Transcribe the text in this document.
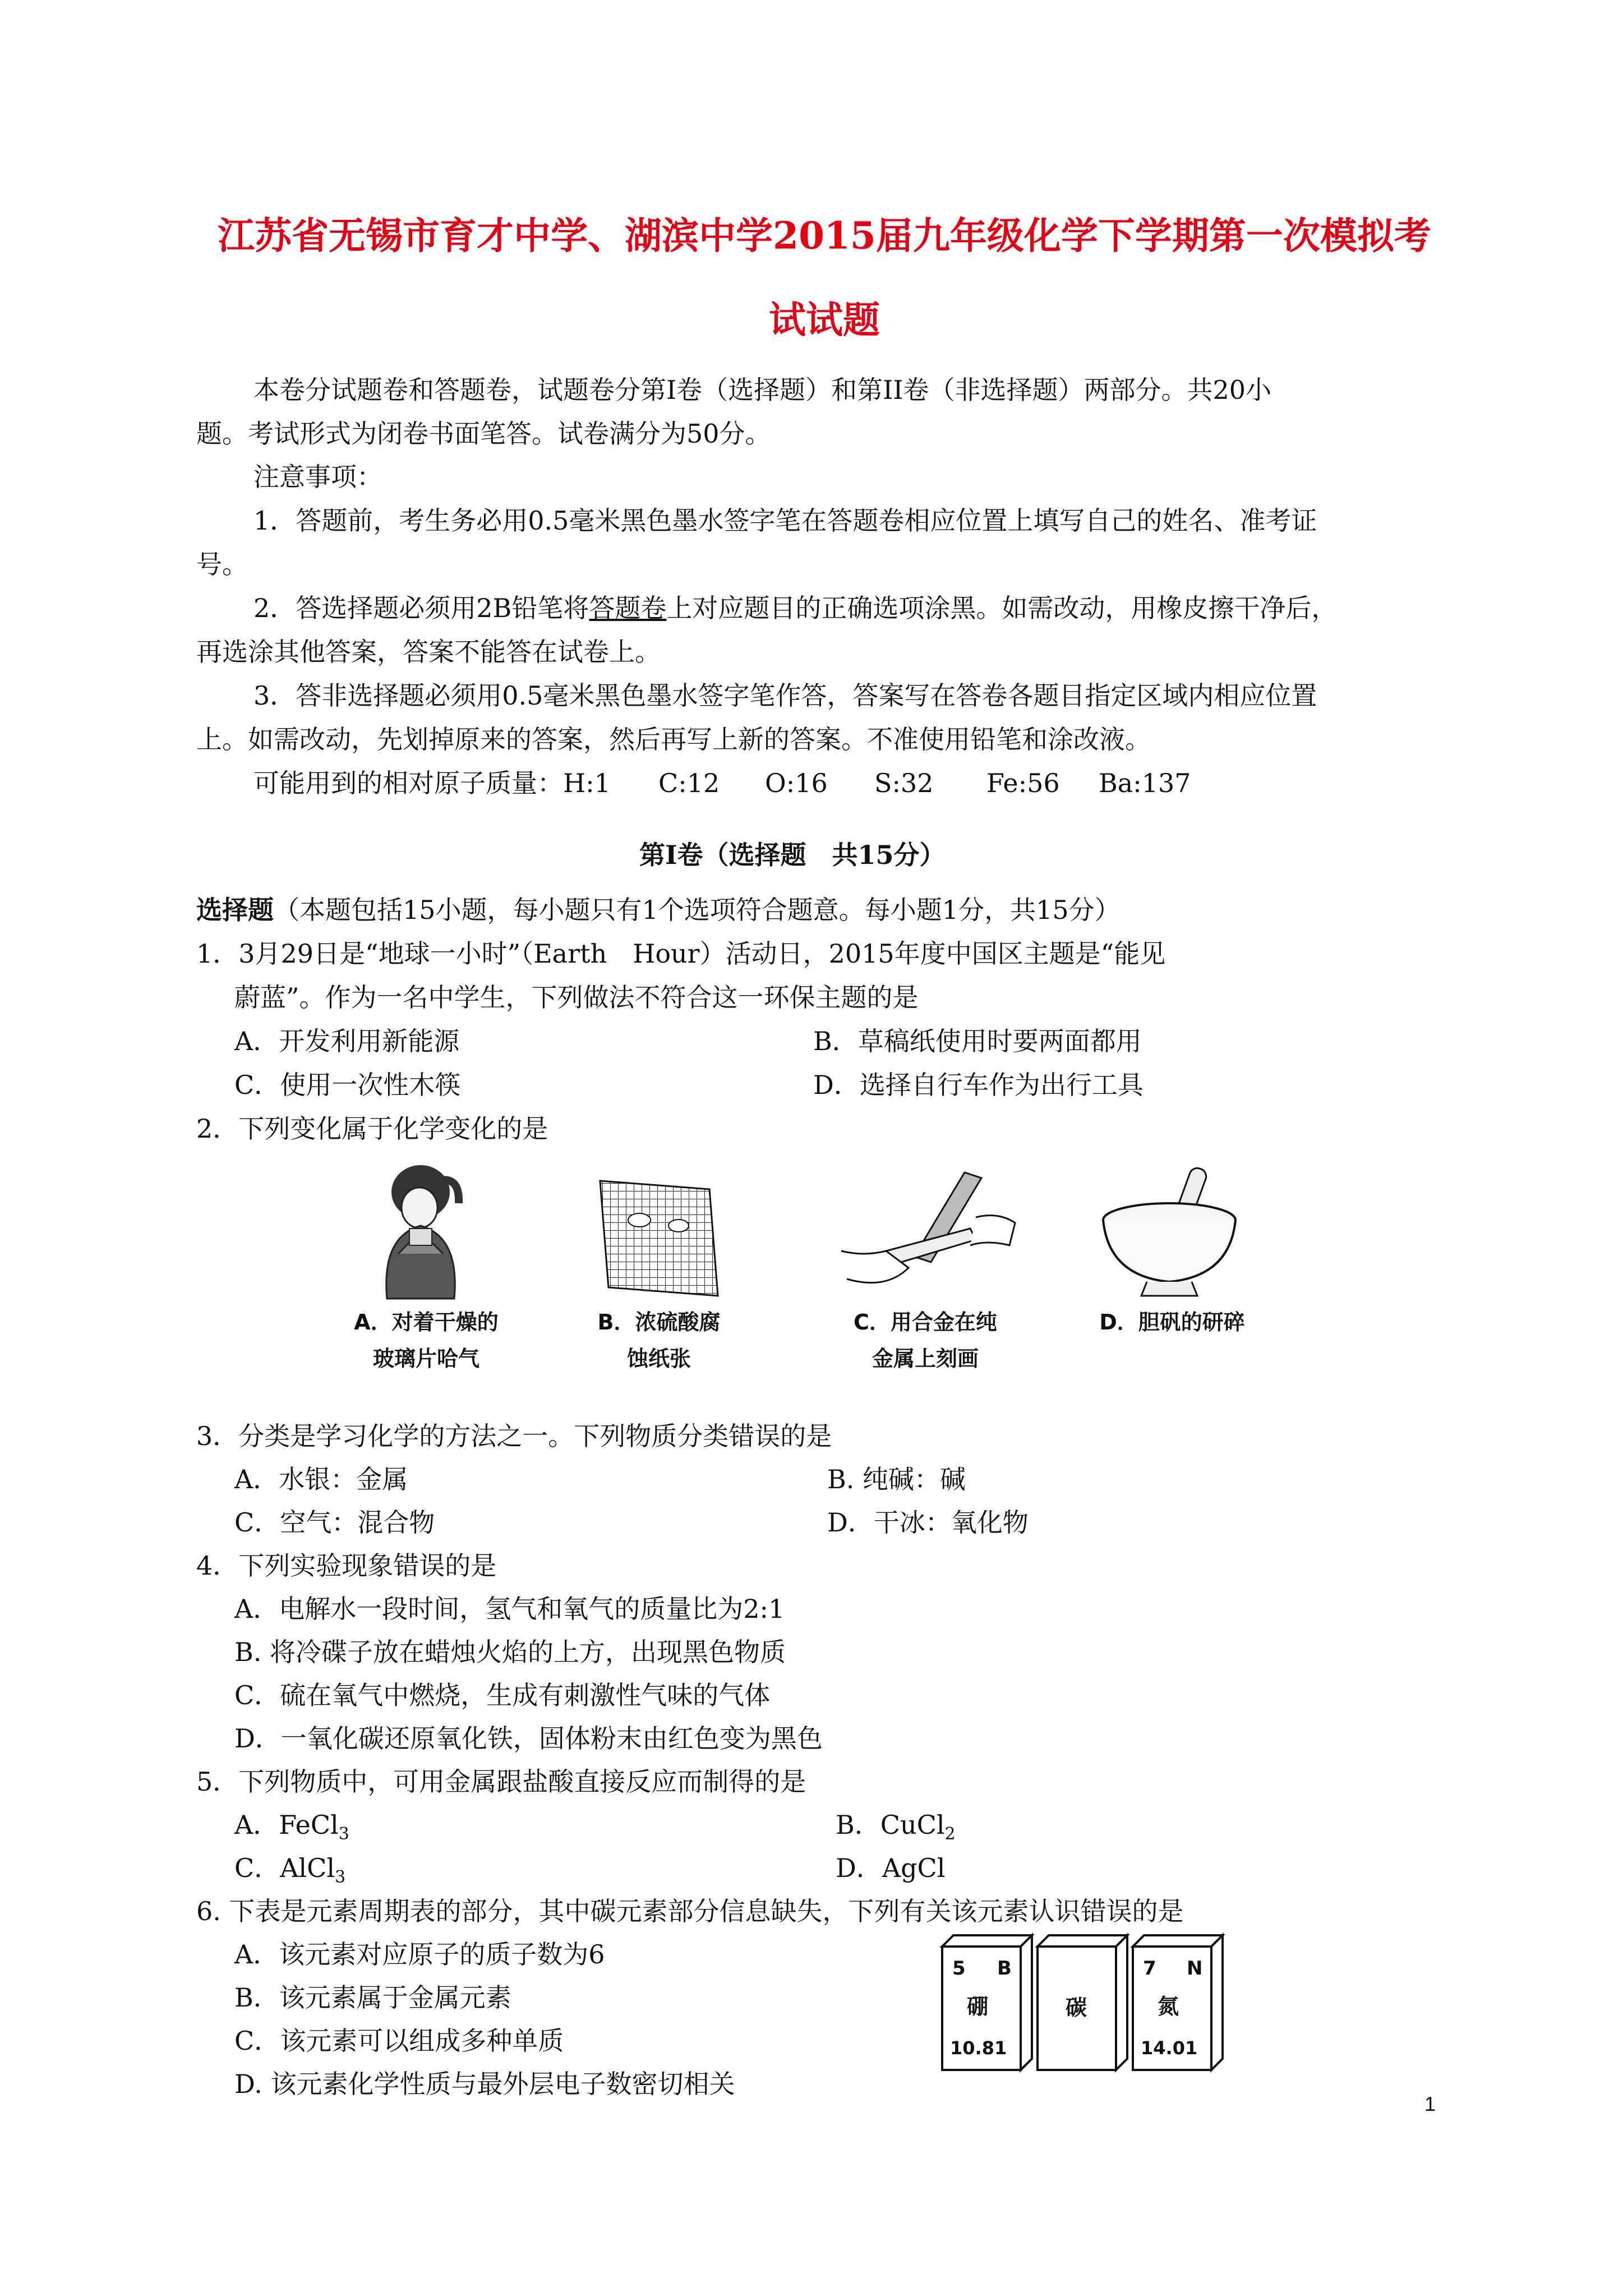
江苏省无锡市育才中学、湖滨中学2015届九年级化学下学期第一次模拟考
试试题
本卷分试题卷和答题卷，试题卷分第Ⅰ卷（选择题）和第II卷（非选择题）两部分。共20小
题。考试形式为闭卷书面笔答。试卷满分为50分。
注意事项：
1．答题前，考生务必用0.5毫米黑色墨水签字笔在答题卷相应位置上填写自己的姓名、准考证
号。
2．答选择题必须用2B铅笔将答题卷上对应题目的正确选项涂黑。如需改动，用橡皮擦干净后，
再选涂其他答案，答案不能答在试卷上。
3．答非选择题必须用0.5毫米黑色墨水签字笔作答，答案写在答卷各题目指定区域内相应位置
上。如需改动，先划掉原来的答案，然后再写上新的答案。不准使用铅笔和涂改液。
可能用到的相对原子质量：H:1 C:12 O:16 S:32 Fe:56 Ba:137
第Ⅰ卷（选择题　共15分）
选择题（本题包括15小题，每小题只有1个选项符合题意。每小题1分，共15分）
1．3月29日是“地球一小时”（Earth　Hour）活动日，2015年度中国区主题是“能见
蔚蓝”。作为一名中学生，下列做法不符合这一环保主题的是
A．开发利用新能源	B．草稿纸使用时要两面都用
C．使用一次性木筷	D．选择自行车作为出行工具
2．下列变化属于化学变化的是
A．对着干燥的
玻璃片哈气
B．浓硫酸腐
蚀纸张
C．用合金在纯
金属上刻画
D．胆矾的研碎
3．分类是学习化学的方法之一。下列物质分类错误的是
A．水银：金属	B. 纯碱：碱
C．空气：混合物	D．干冰：氧化物
4．下列实验现象错误的是
A．电解水一段时间，氢气和氧气的质量比为2:1
B. 将冷碟子放在蜡烛火焰的上方，出现黑色物质
C．硫在氧气中燃烧，生成有刺激性气味的气体
D．一氧化碳还原氧化铁，固体粉末由红色变为黑色
5．下列物质中，可用金属跟盐酸直接反应而制得的是
A．FeCl$_3$	B．CuCl$_2$
C．AlCl$_3$	D．AgCl
6. 下表是元素周期表的部分，其中碳元素部分信息缺失，下列有关该元素认识错误的是
A．该元素对应原子的质子数为6
B．该元素属于金属元素
C．该元素可以组成多种单质
D. 该元素化学性质与最外层电子数密切相关
5 B
硼
10.81
碳
7 N
氮
14.01
1
